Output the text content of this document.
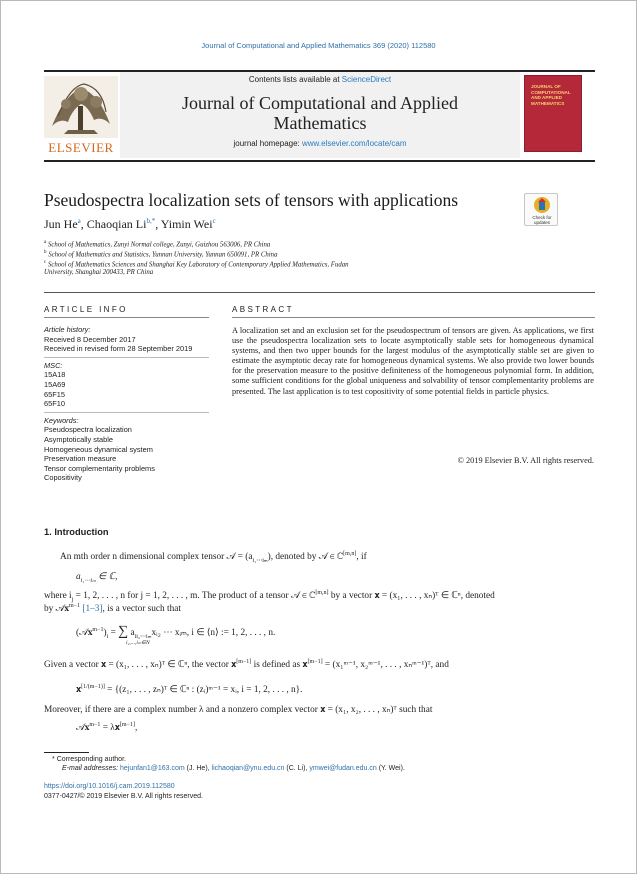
Journal of Computational and Applied Mathematics 369 (2020) 112580
ELSEVIER
Contents lists available at ScienceDirect
Journal of Computational and Applied
Mathematics
journal homepage: www.elsevier.com/locate/cam
JOURNAL OF COMPUTATIONAL AND APPLIED MATHEMATICS
Pseudospectra localization sets of tensors with applications
Check for updates
Jun He$^a$, Chaoqian $Li^{b,*}$, Yimin Wei$^c$
$^a$ School of Mathematics, Zunyi Normal college, Zunyi, Guizhou 563006, PR China
$^b$ School of Mathematics and Statistics, Yunnan University, Yunnan 650091, PR China
$^c$ School of Mathematics Sciences and Shanghai Key Laboratory of Contemporary Applied Mathematics, Fudan
University, Shanghai 200433, PR China
ARTICLE INFO	ABSTRACT
Article history:
Received 8 December 2017
Received in revised form 28 September 2019
MSC:
15A18
15A69
65F15
65F10
Keywords:
Pseudospectra localization
Asymptotically stable
Homogeneous dynamical system
Preservation measure
Tensor complementarity problems
Copositivity
A localization set and an exclusion set for the pseudospectrum of tensors are given. As applications, we first use the pseudospectra localization sets to locate asymptotically stable sets for homogeneous dynamical systems, and then two upper bounds for the largest modulus of the asymptotically stable set are given to estimate the asymptotic decay rate for homogeneous dynamical systems. We also provide two lower bounds for the preservation measure to the positive definiteness of the homogeneous polynomial form. In addition, some sufficient conditions for the global uniqueness and solvability of tensor complementarity problems are presented. The last application is to test copositivity of some potential fields in particle physics.
© 2019 Elsevier B.V. All rights reserved.
1. Introduction
An mth order n dimensional complex tensor 𝒜 = $(a_{i_1\cdots i_m})$, denoted by 𝒜 ∈ ℂ[m,n], if
$a_{i_1\cdots i_m}$ ∈ ℂ,
where $i_j = 1$, 2, . . . , n for j = 1, 2, . . . , m. The product of a tensor 𝒜 ∈ ℂ[m,n] by a vector 𝐱 = (x₁, . . . , xₙ)ᵀ ∈ ℂⁿ, denoted
by 𝒜𝐱$^{m-1}$ [1–3], is a vector such that
$(𝒜𝐱^{m-1})_i$ = ∑ $a_{ii_2\cdots i_m}xᵢ_2$ ⋯ xᵢₘ, i ∈ ⟨n⟩ := 1, 2, . . . , n.
i₂,...,iₘ∈N
Given a vector 𝐱 = (x₁, . . . , xₙ)ᵀ ∈ ℂⁿ, the vector 𝐱[m−1] is defined as 𝐱[m−1] = (x₁ᵐ⁻¹, x₂ᵐ⁻¹, . . . , xₙᵐ⁻¹)ᵀ, and
𝐱[1/(m−1)] = {(z₁, . . . , zₙ)ᵀ ∈ ℂⁿ : (zᵢ)ᵐ⁻¹ = xᵢ, i = 1, 2, . . . , n}.
Moreover, if there are a complex number λ and a nonzero complex vector 𝐱 = (x₁, x₂, . . . , xₙ)ᵀ such that
𝒜𝐱$^{m-1}$ = λ𝐱[m−1],
* Corresponding author.
E-mail addresses: hejunfan1@163.com (J. He), lichaoqian@ynu.edu.cn (C. Li), ymwei@fudan.edu.cn (Y. Wei).
https://doi.org/10.1016/j.cam.2019.112580
0377-0427/© 2019 Elsevier B.V. All rights reserved.
